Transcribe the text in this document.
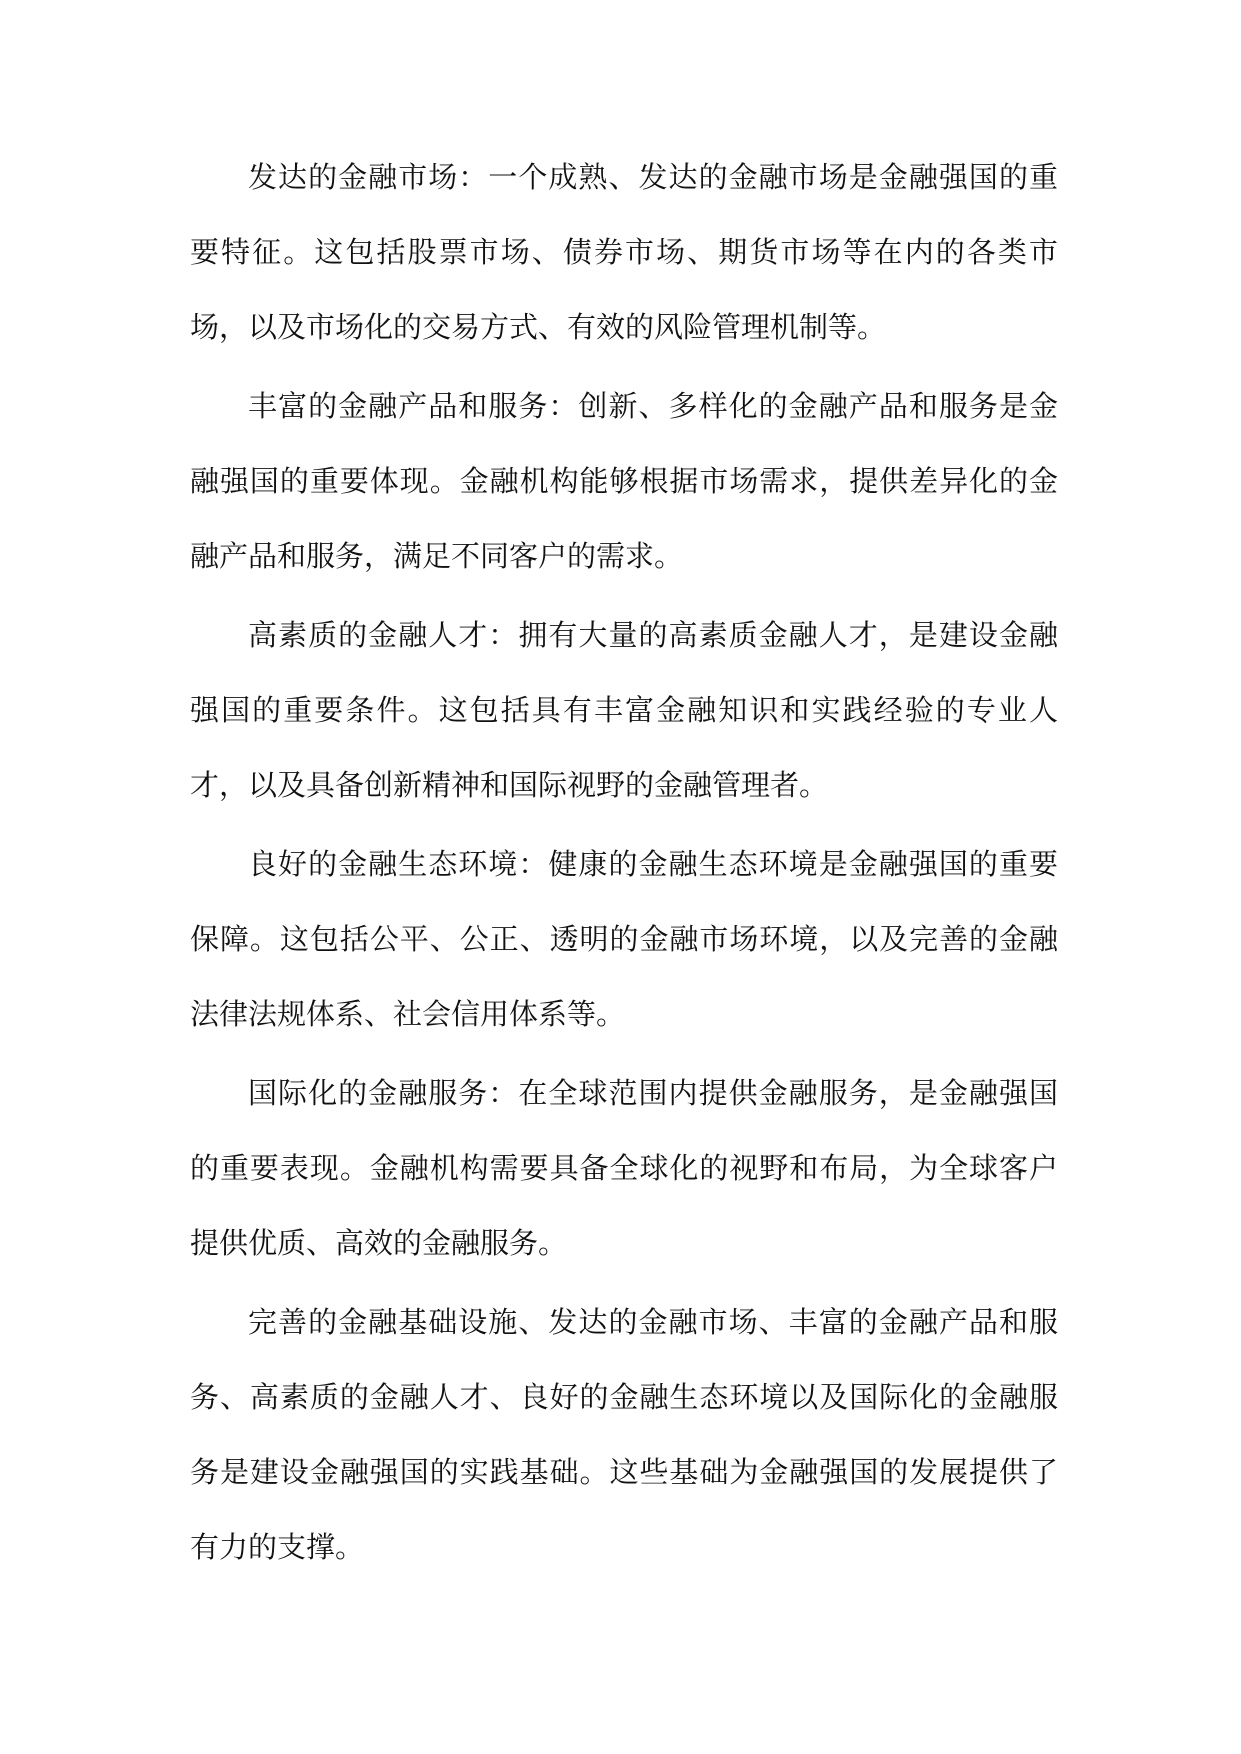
发达的金融市场：一个成熟、发达的金融市场是金融强国的重要特征。这包括股票市场、债券市场、期货市场等在内的各类市场，以及市场化的交易方式、有效的风险管理机制等。

丰富的金融产品和服务：创新、多样化的金融产品和服务是金融强国的重要体现。金融机构能够根据市场需求，提供差异化的金融产品和服务，满足不同客户的需求。

高素质的金融人才：拥有大量的高素质金融人才，是建设金融强国的重要条件。这包括具有丰富金融知识和实践经验的专业人才，以及具备创新精神和国际视野的金融管理者。

良好的金融生态环境：健康的金融生态环境是金融强国的重要保障。这包括公平、公正、透明的金融市场环境，以及完善的金融法律法规体系、社会信用体系等。

国际化的金融服务：在全球范围内提供金融服务，是金融强国的重要表现。金融机构需要具备全球化的视野和布局，为全球客户提供优质、高效的金融服务。

完善的金融基础设施、发达的金融市场、丰富的金融产品和服务、高素质的金融人才、良好的金融生态环境以及国际化的金融服务是建设金融强国的实践基础。这些基础为金融强国的发展提供了有力的支撑。
